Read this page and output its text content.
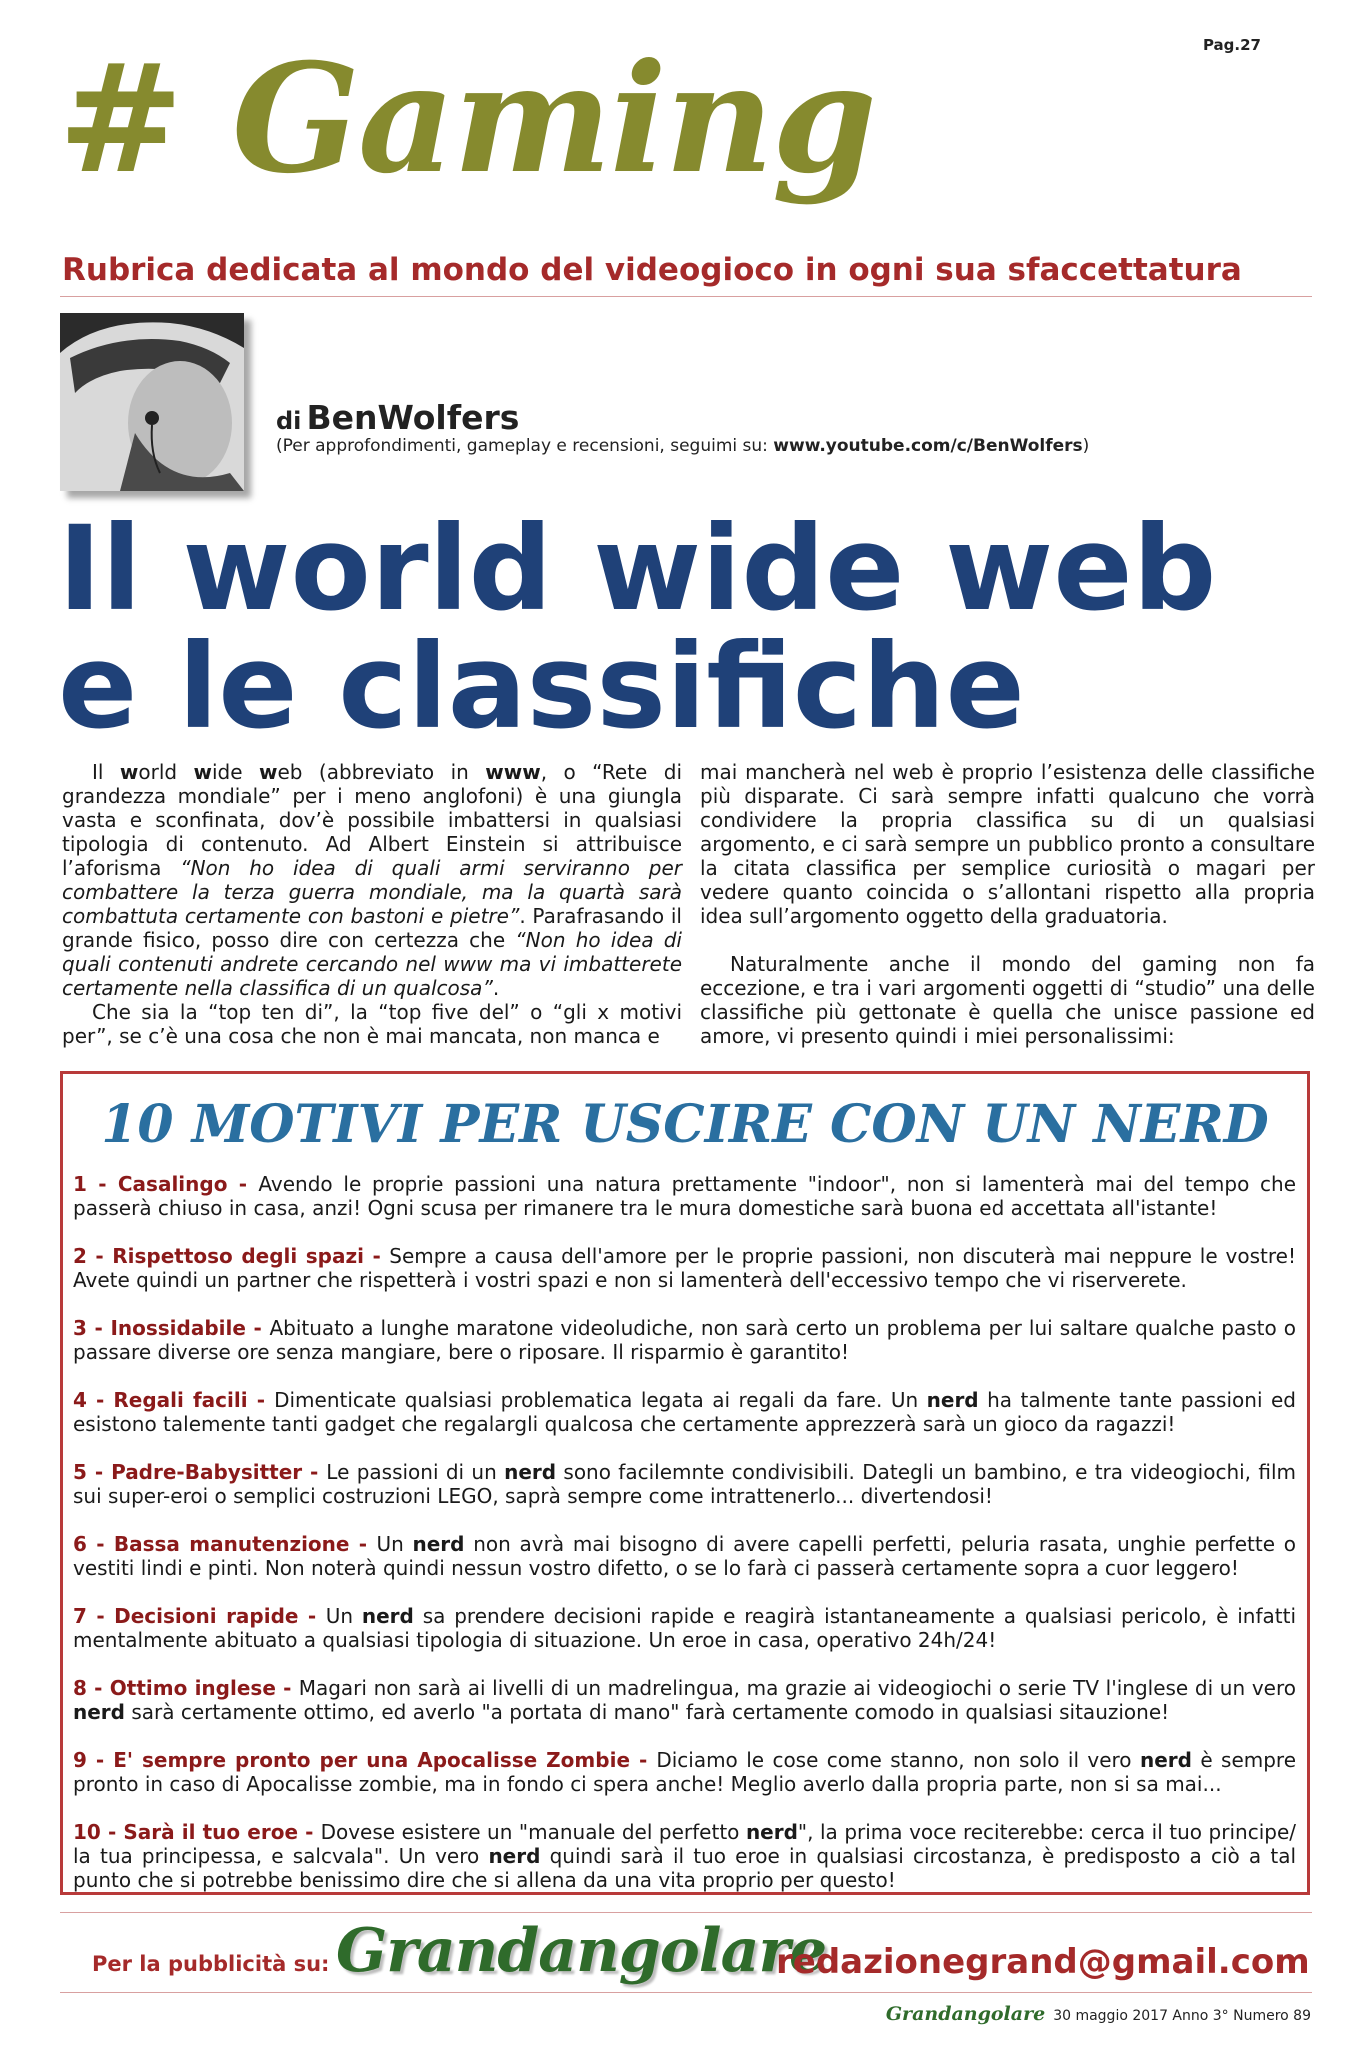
Pag.27
# Gaming
Rubrica dedicata al mondo del videogioco in ogni sua sfaccettatura
di BenWolfers
(Per approfondimenti, gameplay e recensioni, seguimi su: www.youtube.com/c/BenWolfers)
Il world wide web
e le classifiche

Il world wide web (abbreviato in www, o “Rete di grandezza mondiale” per i meno anglofoni) è una giungla vasta e sconfinata, dov’è possibile imbattersi in qualsiasi tipologia di contenuto. Ad Albert Einstein si attribuisce l’aforisma “Non ho idea di quali armi serviranno per combattere la terza guerra mondiale, ma la quartà sarà combattuta certamente con bastoni e pietre”. Parafrasando il grande fisico, posso dire con certezza che “Non ho idea di quali contenuti andrete cercando nel www ma vi imbatterete certamente nella classifica di un qualcosa”.

Che sia la “top ten di”, la “top five del” o “gli x motivi per”, se c’è una cosa che non è mai mancata, non manca e

mai mancherà nel web è proprio l’esistenza delle classifiche più disparate. Ci sarà sempre infatti qualcuno che vorrà condividere la propria classifica su di un qualsiasi argomento, e ci sarà sempre un pubblico pronto a consultare la citata classifica per semplice curiosità o magari per vedere quanto coincida o s’allontani rispetto alla propria idea sull’argomento oggetto della graduatoria.

Naturalmente anche il mondo del gaming non fa eccezione, e tra i vari argomenti oggetti di “studio” una delle classifiche più gettonate è quella che unisce passione ed amore, vi presento quindi i miei personalissimi:

10 MOTIVI PER USCIRE CON UN NERD
1 - Casalingo - Avendo le proprie passioni una natura prettamente "indoor", non si lamenterà mai del tempo che passerà chiuso in casa, anzi! Ogni scusa per rimanere tra le mura domestiche sarà buona ed accettata all'istante!
2 - Rispettoso degli spazi - Sempre a causa dell'amore per le proprie passioni, non discuterà mai neppure le vostre! Avete quindi un partner che rispetterà i vostri spazi e non si lamenterà dell'eccessivo tempo che vi riserverete.
3 - Inossidabile - Abituato a lunghe maratone videoludiche, non sarà certo un problema per lui saltare qualche pasto o passare diverse ore senza mangiare, bere o riposare. Il risparmio è garantito!
4 - Regali facili - Dimenticate qualsiasi problematica legata ai regali da fare. Un nerd ha talmente tante passioni ed esistono talemente tanti gadget che regalargli qualcosa che certamente apprezzerà sarà un gioco da ragazzi!
5 - Padre-Babysitter - Le passioni di un nerd sono facilemnte condivisibili. Dategli un bambino, e tra videogiochi, film sui super-eroi o semplici costruzioni LEGO, saprà sempre come intrattenerlo... divertendosi!
6 - Bassa manutenzione - Un nerd non avrà mai bisogno di avere capelli perfetti, peluria rasata, unghie perfette o vestiti lindi e pinti. Non noterà quindi nessun vostro difetto, o se lo farà ci passerà certamente sopra a cuor leggero!
7 - Decisioni rapide - Un nerd sa prendere decisioni rapide e reagirà istantaneamente a qualsiasi pericolo, è infatti mentalmente abituato a qualsiasi tipologia di situazione. Un eroe in casa, operativo 24h/24!
8 - Ottimo inglese - Magari non sarà ai livelli di un madrelingua, ma grazie ai videogiochi o serie TV l'inglese di un vero nerd sarà certamente ottimo, ed averlo "a portata di mano" farà certamente comodo in qualsiasi sitauzione!
9 - E' sempre pronto per una Apocalisse Zombie - Diciamo le cose come stanno, non solo il vero nerd è sempre pronto in caso di Apocalisse zombie, ma in fondo ci spera anche! Meglio averlo dalla propria parte, non si sa mai...
10 - Sarà il tuo eroe - Dovese esistere un "manuale del perfetto nerd", la prima voce reciterebbe: cerca il tuo principe/ la tua principessa, e salcvala". Un vero nerd quindi sarà il tuo eroe in qualsiasi circostanza, è predisposto a ciò a tal punto che si potrebbe benissimo dire che si allena da una vita proprio per questo!
Per la pubblicità su: Grandangolare
redazionegrand@gmail.com
Grandangolare 30 maggio 2017 Anno 3° Numero 89
